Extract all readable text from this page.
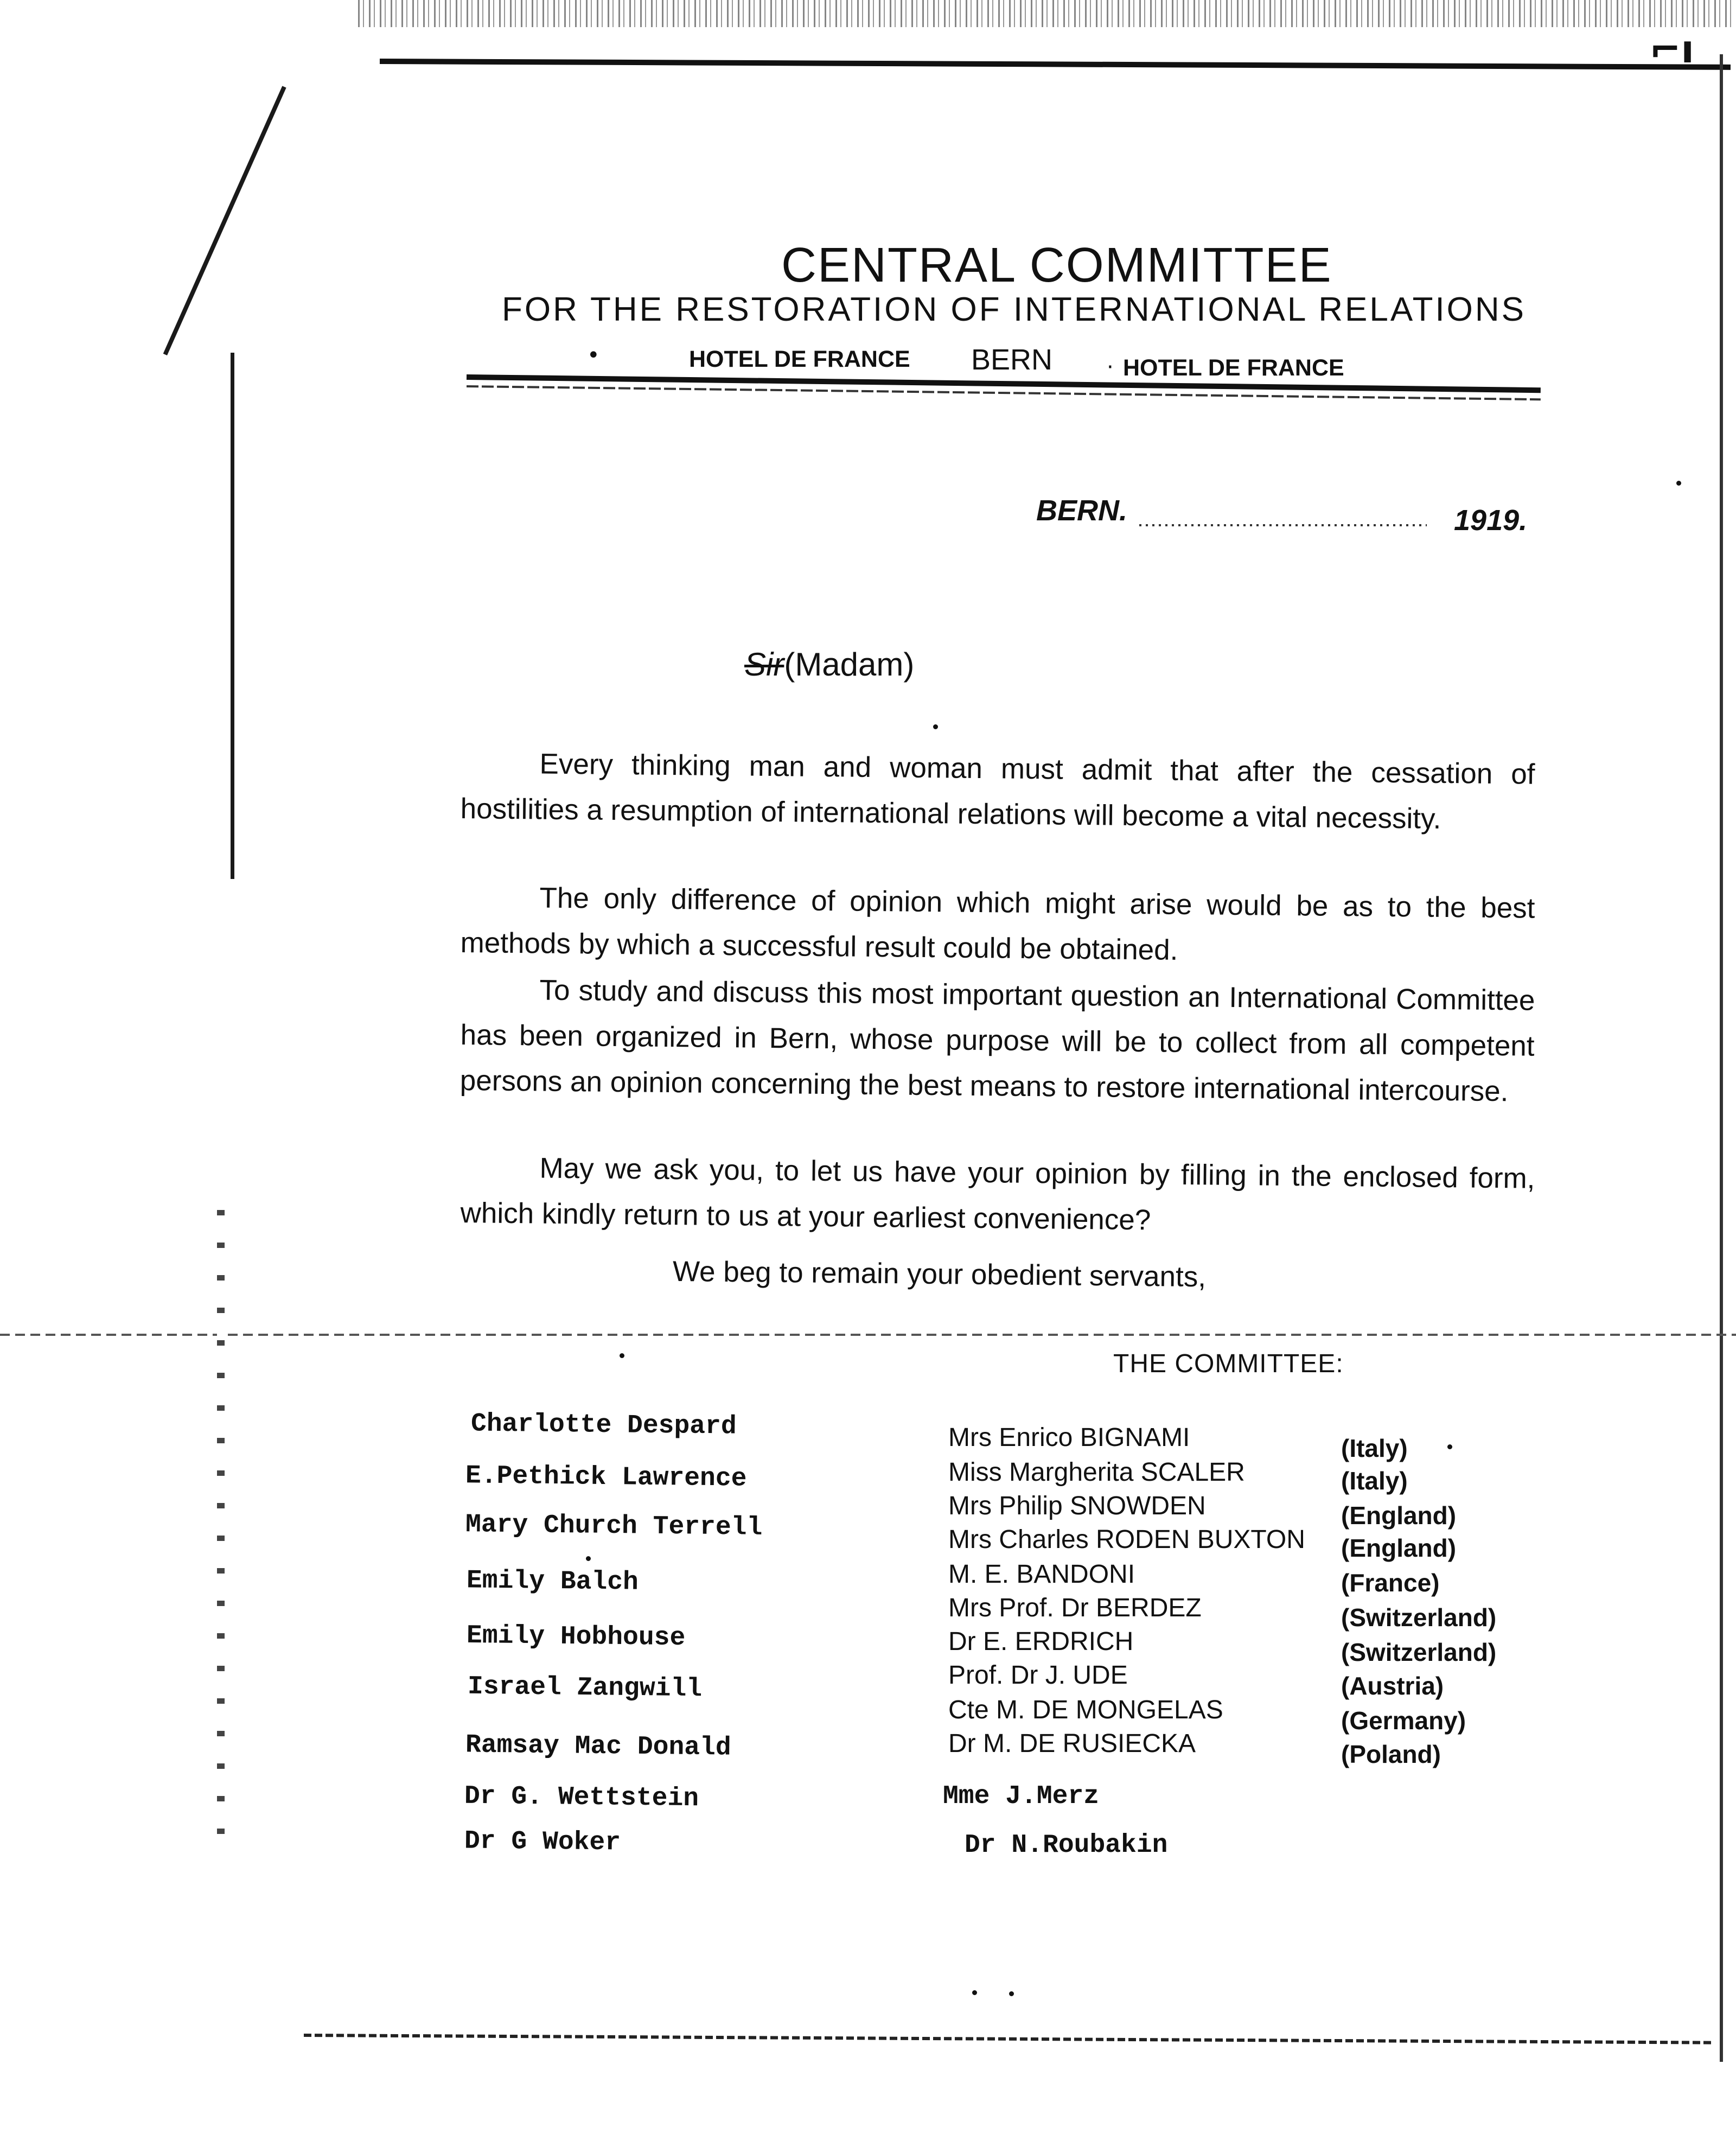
⌐ı
CENTRAL COMMITTEE
FOR THE RESTORATION OF INTERNATIONAL RELATIONS
•	HOTEL DE FRANCE BERN · HOTEL DE FRANCE
BERN.	1919.
Sir(Madam)

Every thinking man and woman must admit that after the cessation of hostilities a resumption of international relations will become a vital necessity.

The only difference of opinion which might arise would be as to the best methods by which a successful result could be obtained.

To study and discuss this most important question an International Committee has been organized in Bern, whose purpose will be to collect from all competent persons an opinion concerning the best means to restore international intercourse.

May we ask you, to let us have your opinion by filling in the enclosed form, which kindly return to us at your earliest convenience?

We beg to remain your obedient servants,
THE COMMITTEE:
Charlotte Despard
E.Pethick Lawrence
Mary Church Terrell
Emily Balch
Emily Hobhouse
Israel Zangwill
Ramsay Mac Donald
Dr G. Wettstein
Dr G Woker
Mrs Enrico BIGNAMI	(Italy)
Miss Margherita SCALER	(Italy)
Mrs Philip SNOWDEN	(England)
Mrs Charles RODEN BUXTON (England)
M. E. BANDONI	(France)
Mrs Prof. Dr BERDEZ	(Switzerland)
Dr E. ERDRICH	(Switzerland)
Prof. Dr J. UDE	(Austria)
Cte M. DE MONGELAS	(Germany)
Dr M. DE RUSIECKA	(Poland)
Mme J.Merz
Dr N.Roubakin
